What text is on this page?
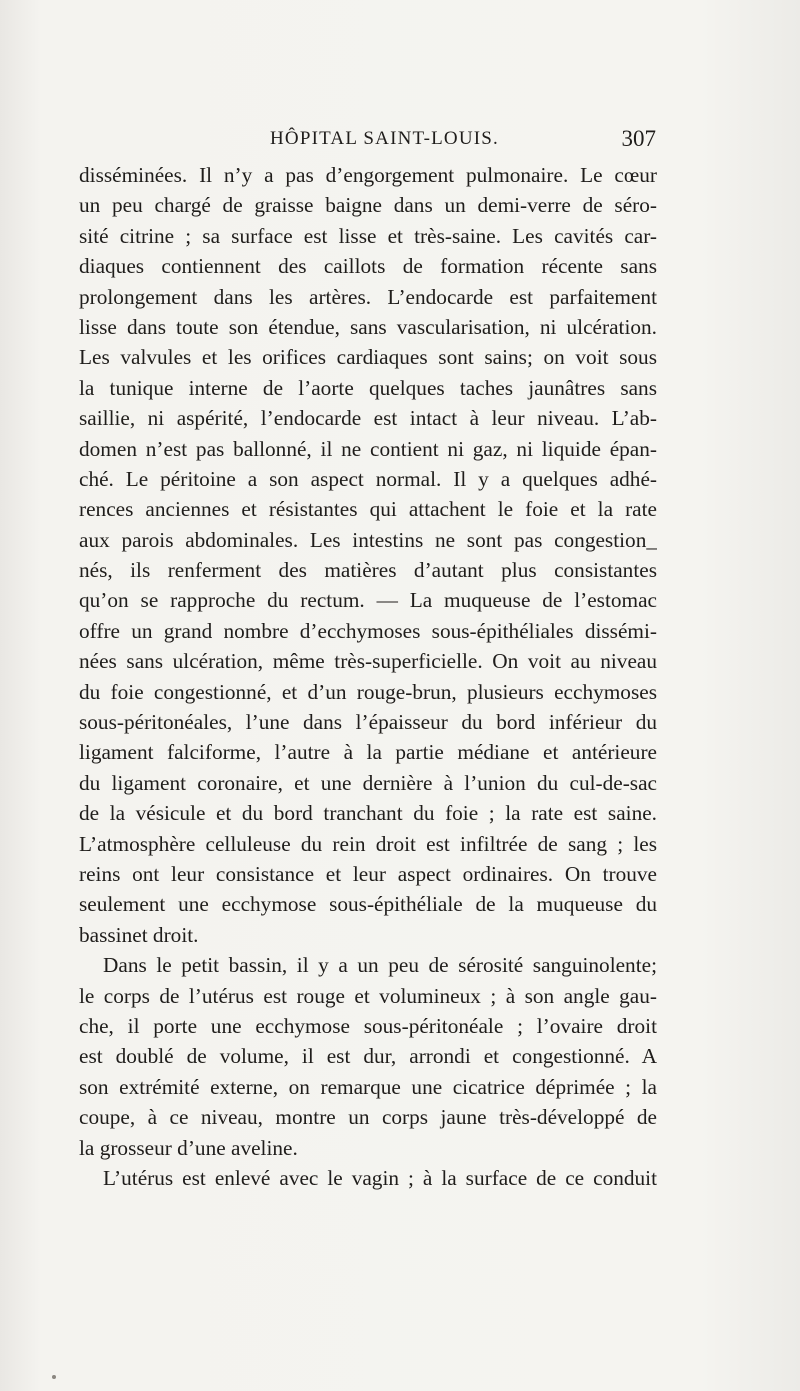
HÔPITAL SAINT-LOUIS.	307
disséminées. Il n’y a pas d’engorgement pulmonaire. Le cœur
un peu chargé de graisse baigne dans un demi-verre de séro-
sité citrine ; sa surface est lisse et très-saine. Les cavités car-
diaques contiennent des caillots de formation récente sans
prolongement dans les artères. L’endocarde est parfaitement
lisse dans toute son étendue, sans vascularisation, ni ulcération.
Les valvules et les orifices cardiaques sont sains; on voit sous
la tunique interne de l’aorte quelques taches jaunâtres sans
saillie, ni aspérité, l’endocarde est intact à leur niveau. L’ab-
domen n’est pas ballonné, il ne contient ni gaz, ni liquide épan-
ché. Le péritoine a son aspect normal. Il y a quelques adhé-
rences anciennes et résistantes qui attachent le foie et la rate
aux parois abdominales. Les intestins ne sont pas congestion_
nés, ils renferment des matières d’autant plus consistantes
qu’on se rapproche du rectum. — La muqueuse de l’estomac
offre un grand nombre d’ecchymoses sous-épithéliales dissémi-
nées sans ulcération, même très-superficielle. On voit au niveau
du foie congestionné, et d’un rouge-brun, plusieurs ecchymoses
sous-péritonéales, l’une dans l’épaisseur du bord inférieur du
ligament falciforme, l’autre à la partie médiane et antérieure
du ligament coronaire, et une dernière à l’union du cul-de-sac
de la vésicule et du bord tranchant du foie ; la rate est saine.
L’atmosphère celluleuse du rein droit est infiltrée de sang ; les
reins ont leur consistance et leur aspect ordinaires. On trouve
seulement une ecchymose sous-épithéliale de la muqueuse du
bassinet droit.
Dans le petit bassin, il y a un peu de sérosité sanguinolente;
le corps de l’utérus est rouge et volumineux ; à son angle gau-
che, il porte une ecchymose sous-péritonéale ; l’ovaire droit
est doublé de volume, il est dur, arrondi et congestionné. A
son extrémité externe, on remarque une cicatrice déprimée ; la
coupe, à ce niveau, montre un corps jaune très-développé de
la grosseur d’une aveline.
L’utérus est enlevé avec le vagin ; à la surface de ce conduit
